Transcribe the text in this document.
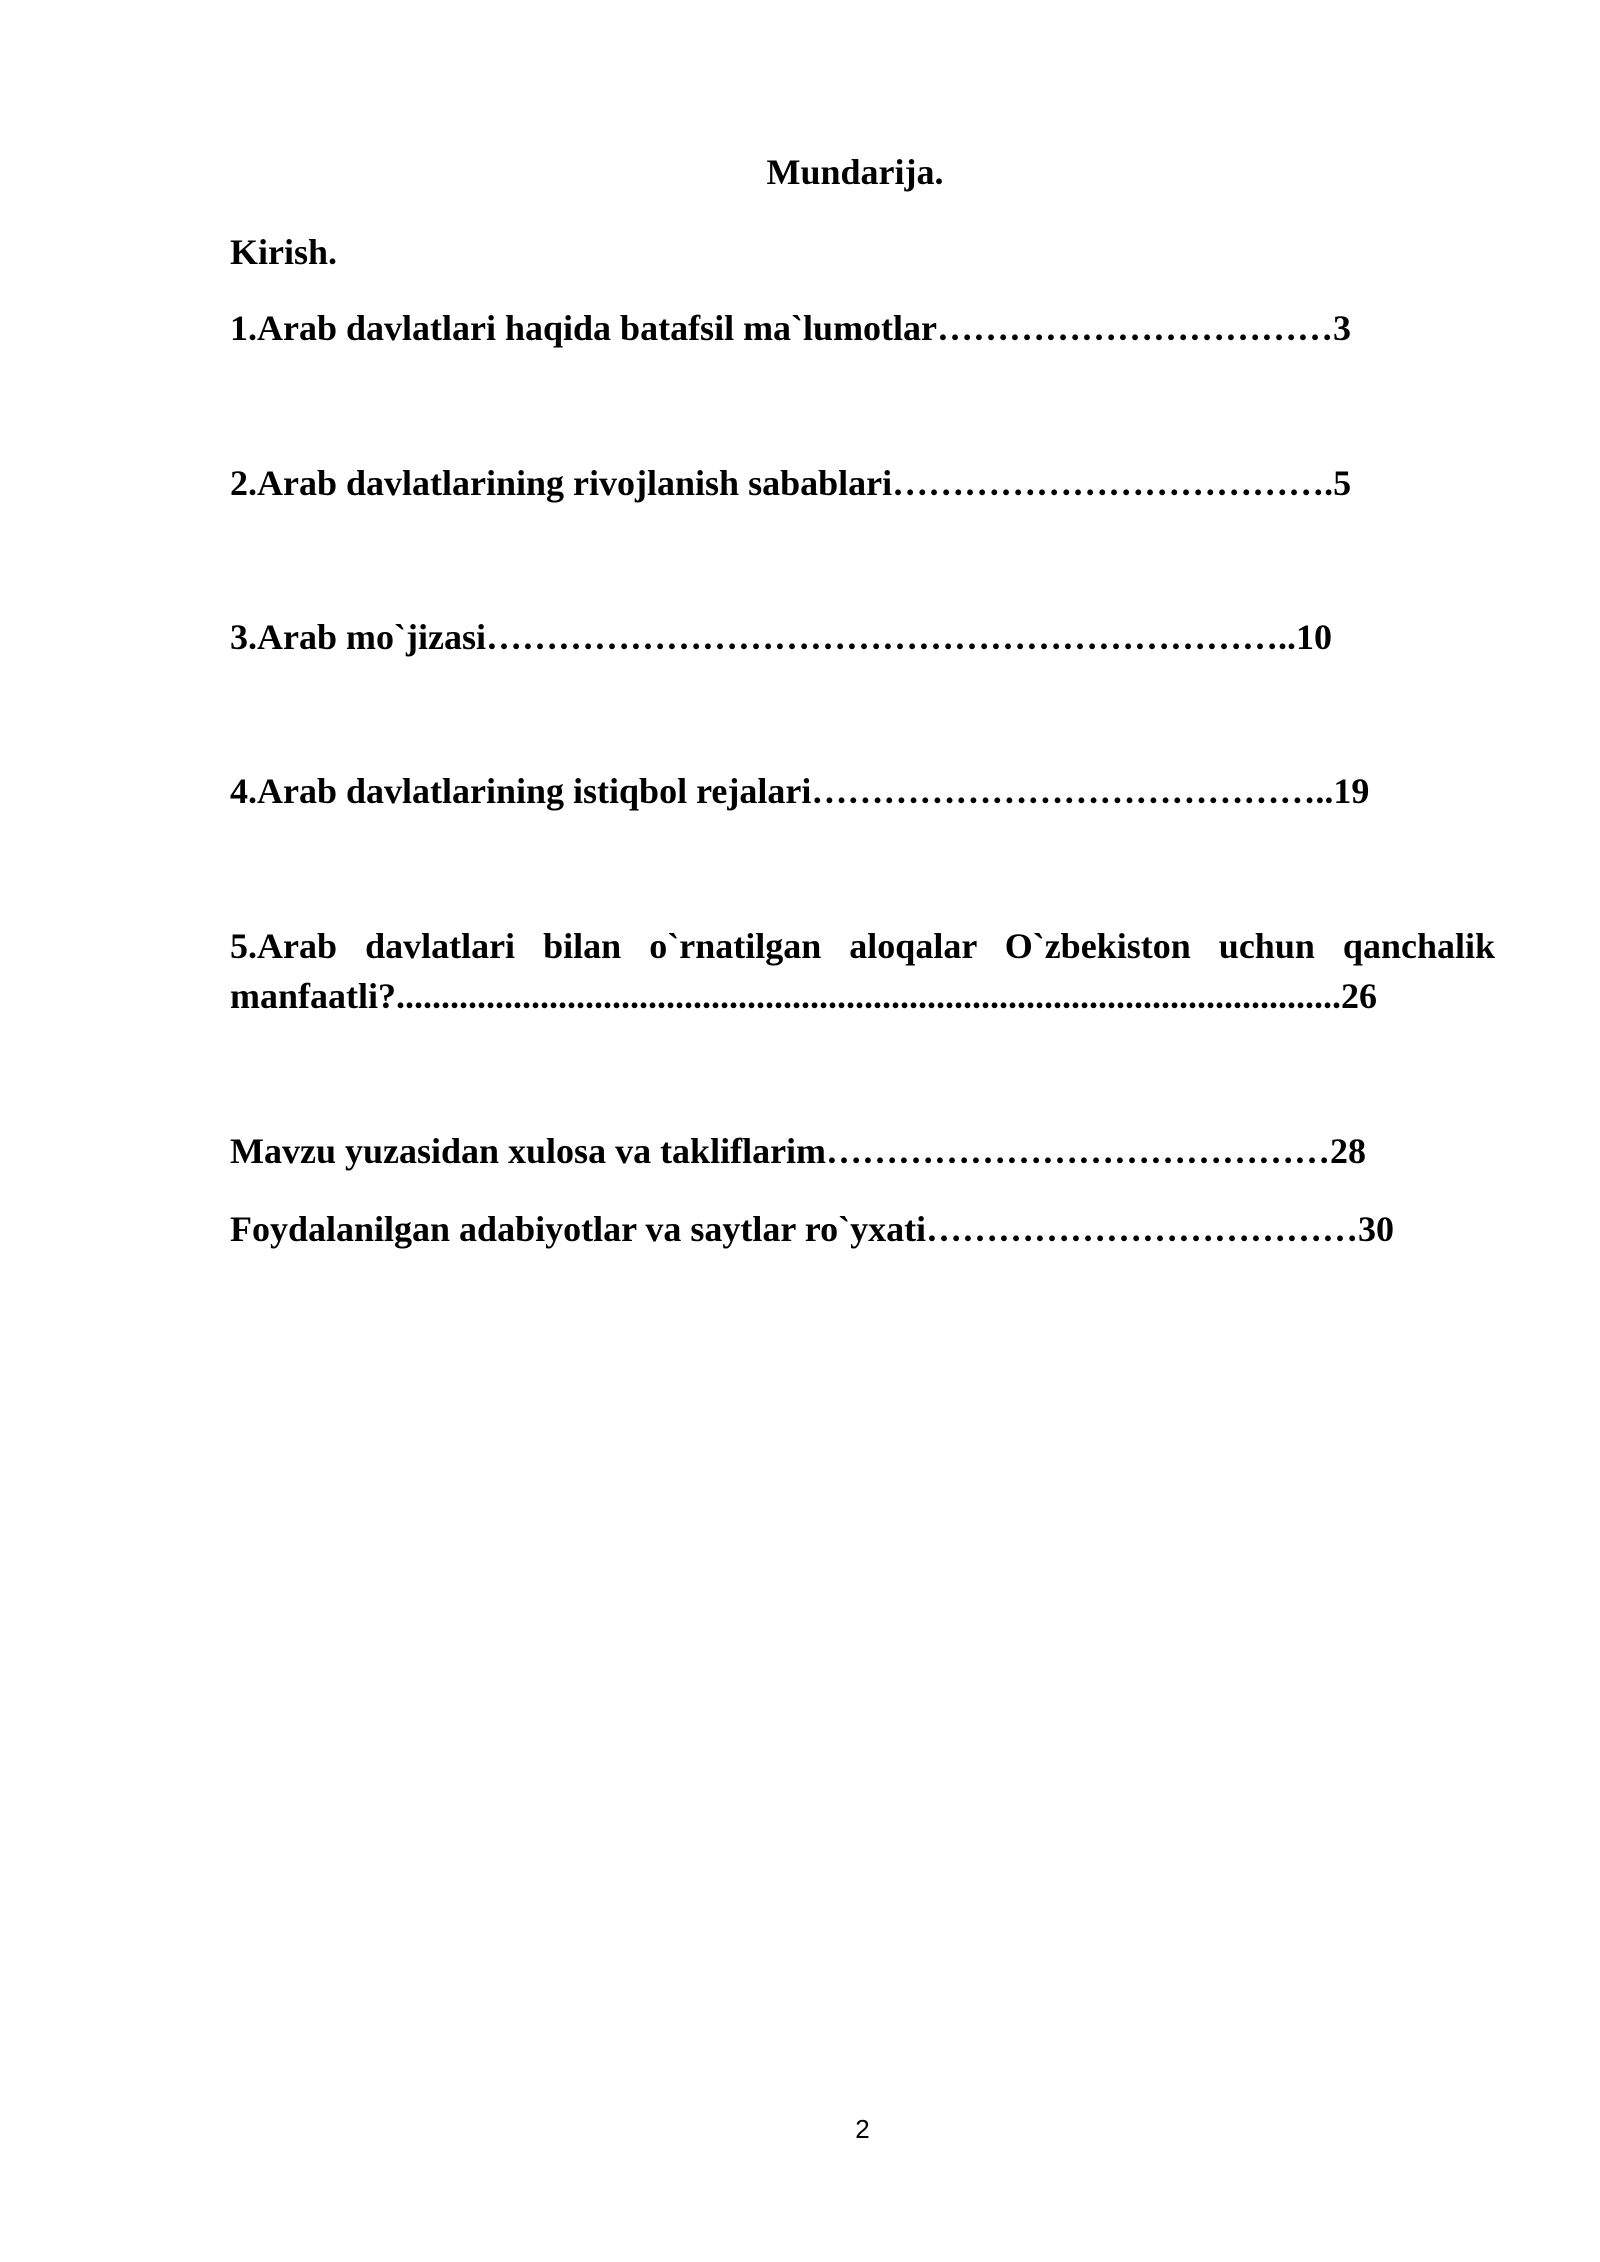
Mundarija.
Kirish.
1.Arab davlatlari haqida batafsil ma`lumotlar……………………………3
2.Arab davlatlarining rivojlanish sabablari……………………………….5
3.Arab mo`jizasi…………………………………………………………..10
4.Arab davlatlarining istiqbol rejalari……………………………………..19
5.Arab davlatlari bilan o`rnatilgan aloqalar O`zbekiston uchun qanchalik
manfaatli?.........................................................................................................26
Mavzu yuzasidan xulosa va takliflarim……………………………………28
Foydalanilgan adabiyotlar va saytlar ro`yxati………………………………30
2
